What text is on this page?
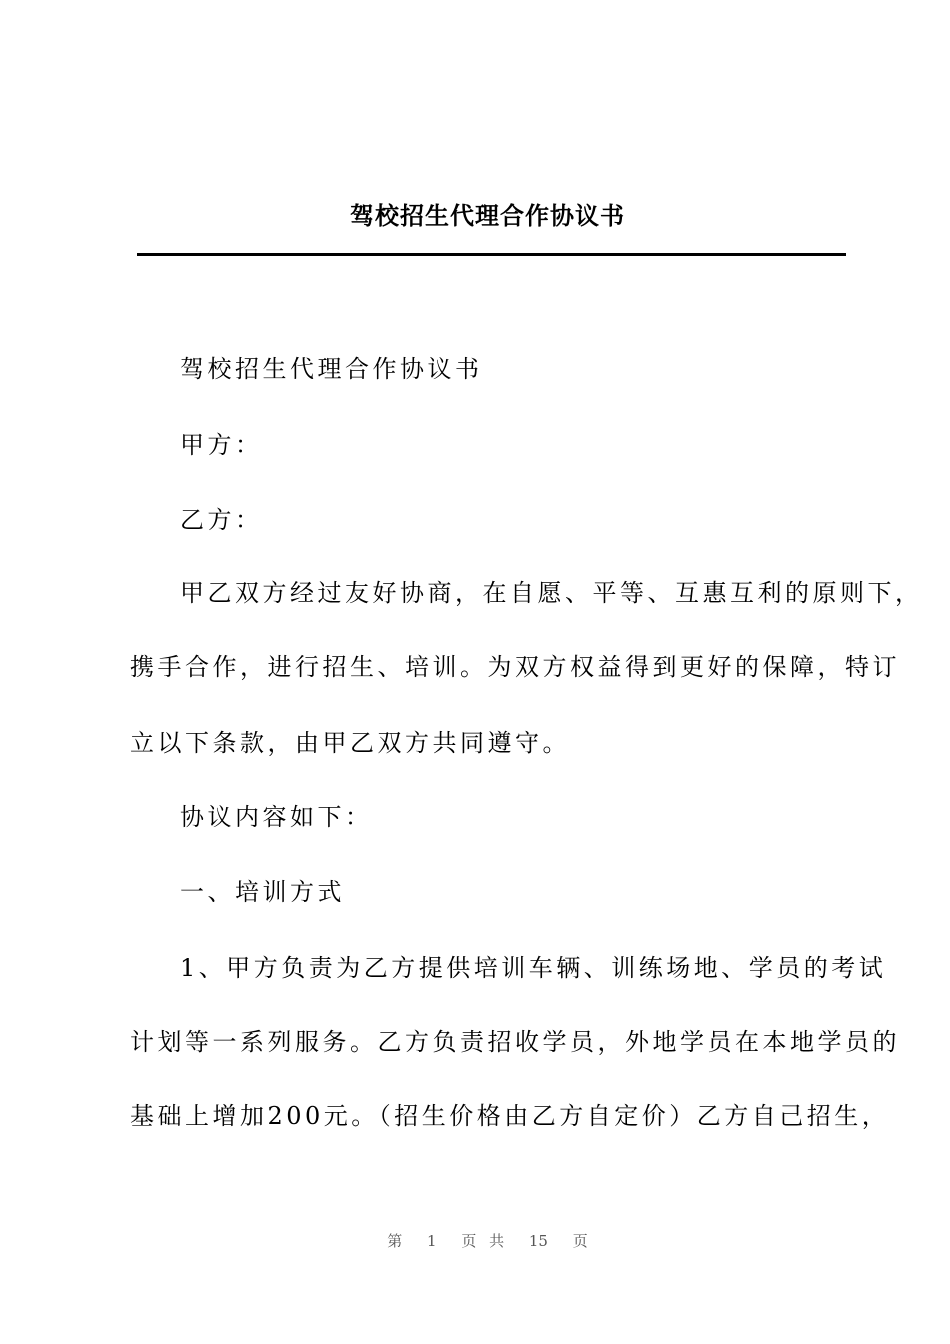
驾校招生代理合作协议书
驾校招生代理合作协议书
甲方：
乙方：
甲乙双方经过友好协商，在自愿、平等、互惠互利的原则下，
携手合作，进行招生、培训。为双方权益得到更好的保障，特订
立以下条款，由甲乙双方共同遵守。
协议内容如下：
一、培训方式
1、甲方负责为乙方提供培训车辆、训练场地、学员的考试
计划等一系列服务。乙方负责招收学员，外地学员在本地学员的
基础上增加200元。（招生价格由乙方自定价）乙方自己招生，
第 1 页 共 15 页
